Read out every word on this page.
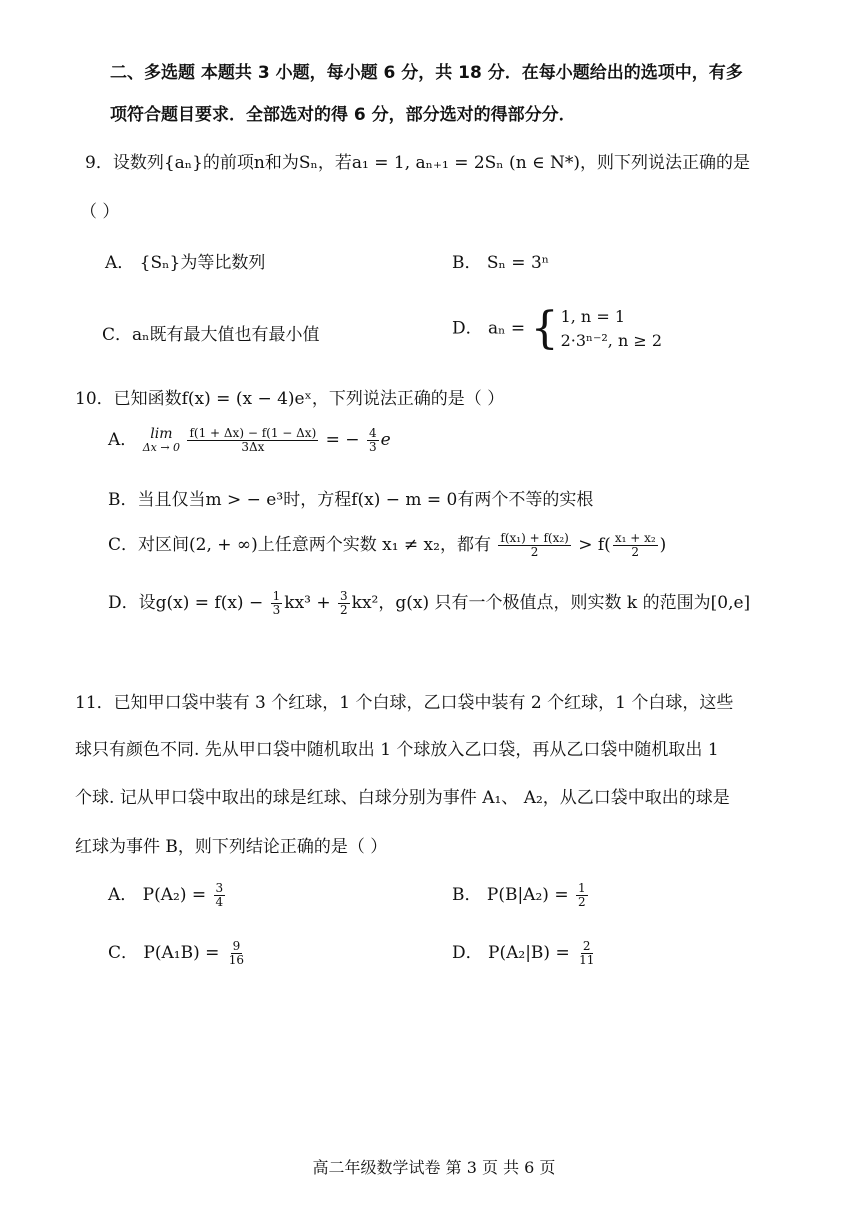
二、多选题 本题共 3 小题，每小题 6 分，共 18 分．在每小题给出的选项中，有多
项符合题目要求．全部选对的得 6 分，部分选对的得部分分．
9．设数列{aₙ}的前项n和为Sₙ，若a₁ = 1, aₙ₊₁ = 2Sₙ (n ∈ N*)，则下列说法正确的是
（ ）
A． {Sₙ}为等比数列	B． Sₙ = 3ⁿ
C．aₙ既有最大值也有最小值	D． aₙ = { 1, n = 1
2·3ⁿ⁻², n ≥ 2
10．已知函数f(x) = (x − 4)eˣ，下列说法正确的是（ ）
A． lim
Δx → 0
$\frac{f(1 + \Delta x) - f(1 - \Delta x)}{3\Delta x}$ = − $\frac{4}{3}$ e
B．当且仅当m > − e³时，方程f(x) − m = 0有两个不等的实根
C．对区间(2, + ∞)上任意两个实数 x₁ ≠ x₂，都有 $\frac{\text{f(x₁) + f(x₂)}}{2} > f( \frac{\text{x₁ + x₂}}{2}$ )
D．设$g(x) = f(x) - \frac{1}{3} kx^3 + \frac{3}{2} kx^2$，g(x) 只有一个极值点，则实数 k 的范围为[0,e]
11．已知甲口袋中装有 3 个红球，1 个白球，乙口袋中装有 2 个红球，1 个白球，这些
球只有颜色不同. 先从甲口袋中随机取出 1 个球放入乙口袋，再从乙口袋中随机取出 1
个球. 记从甲口袋中取出的球是红球、白球分别为事件 A₁、 A₂，从乙口袋中取出的球是
红球为事件 B，则下列结论正确的是（ ）
A． $P(A_2) = \frac{3}{4}$	B． $P(B|A_2) = \frac{1}{2}$
C． $P(A_1B) = \frac{9}{16}$	D． $P(A_2|B) = \frac{2}{11}$
高二年级数学试卷 第 3 页 共 6 页
